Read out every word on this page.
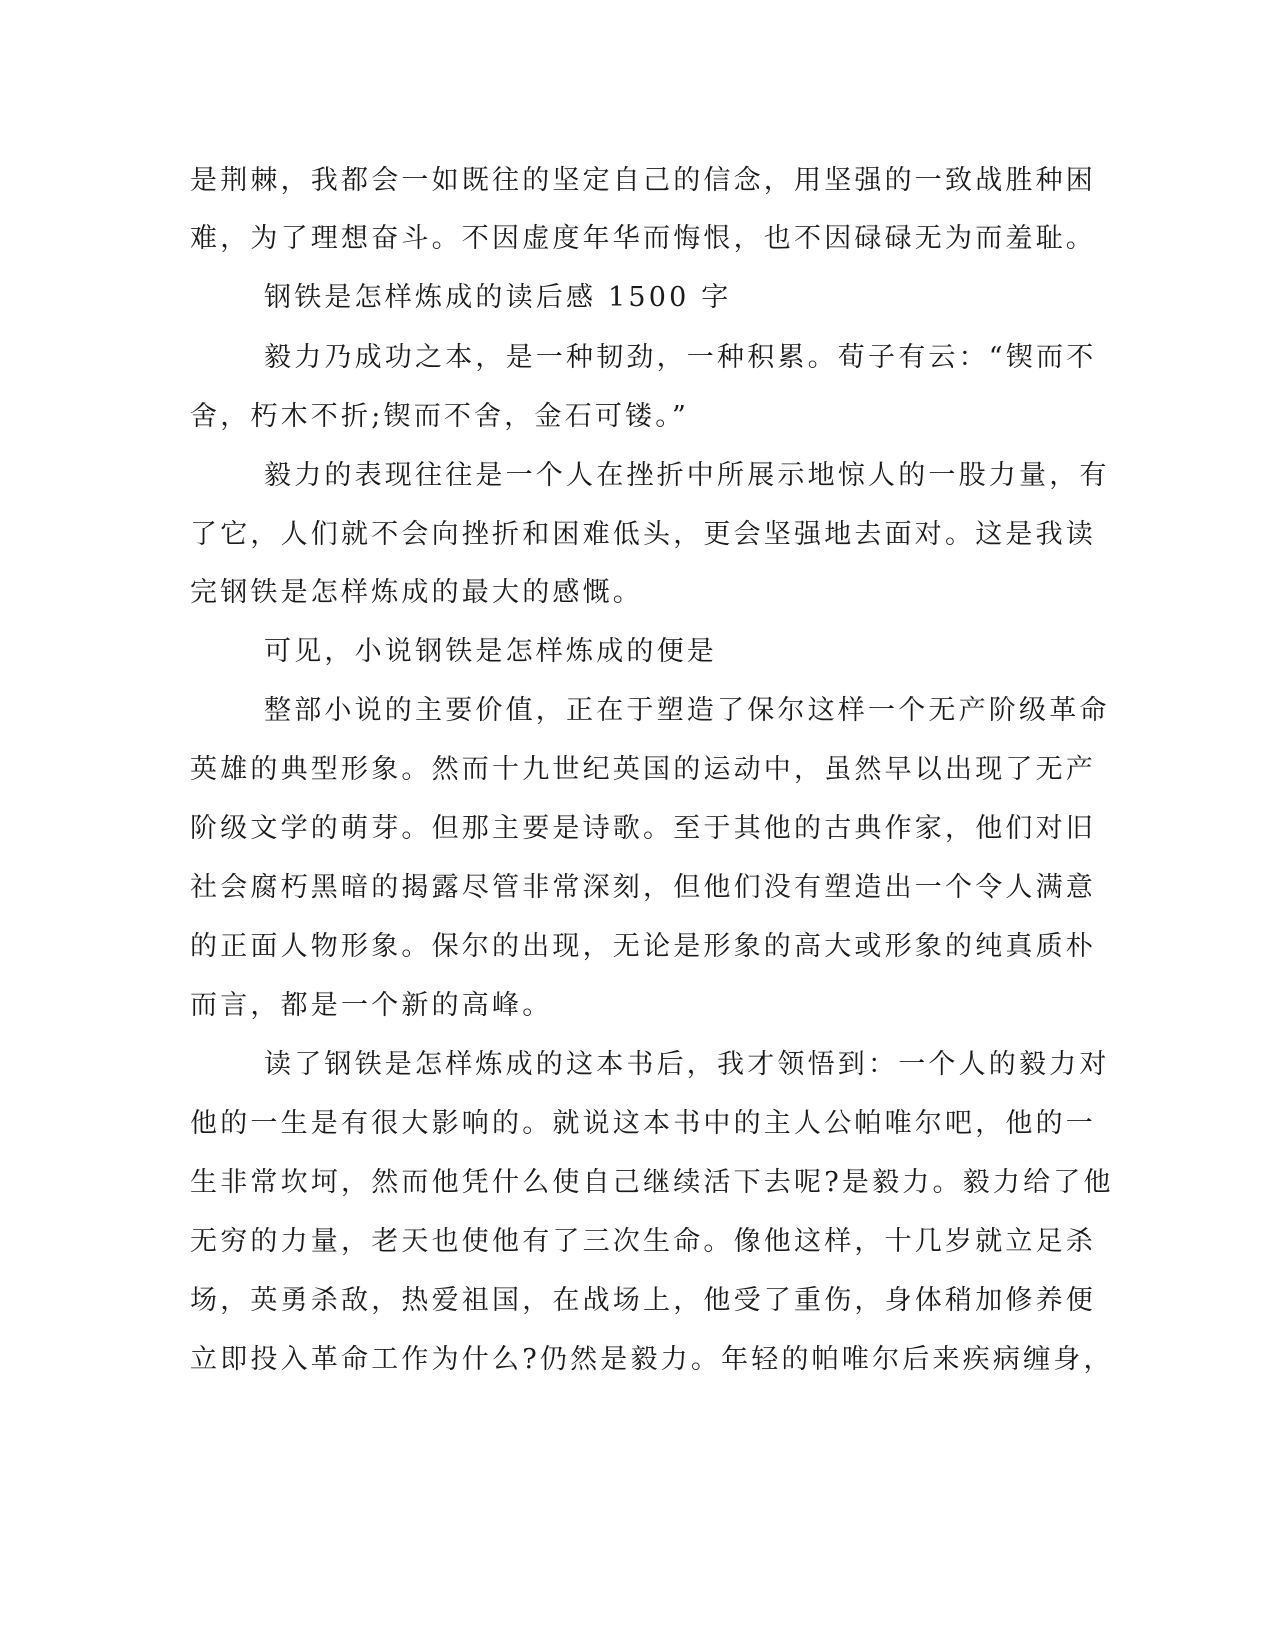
是荆棘，我都会一如既往的坚定自己的信念，用坚强的一致战胜种困

难，为了理想奋斗。不因虚度年华而悔恨，也不因碌碌无为而羞耻。

钢铁是怎样炼成的读后感 1500 字

毅力乃成功之本，是一种韧劲，一种积累。荀子有云：“锲而不

舍，朽木不折;锲而不舍，金石可镂。”

毅力的表现往往是一个人在挫折中所展示地惊人的一股力量，有

了它，人们就不会向挫折和困难低头，更会坚强地去面对。这是我读

完钢铁是怎样炼成的最大的感慨。

可见，小说钢铁是怎样炼成的便是

整部小说的主要价值，正在于塑造了保尔这样一个无产阶级革命

英雄的典型形象。然而十九世纪英国的运动中，虽然早以出现了无产

阶级文学的萌芽。但那主要是诗歌。至于其他的古典作家，他们对旧

社会腐朽黑暗的揭露尽管非常深刻，但他们没有塑造出一个令人满意

的正面人物形象。保尔的出现，无论是形象的高大或形象的纯真质朴

而言，都是一个新的高峰。

读了钢铁是怎样炼成的这本书后，我才领悟到：一个人的毅力对

他的一生是有很大影响的。就说这本书中的主人公帕唯尔吧，他的一

生非常坎坷，然而他凭什么使自己继续活下去呢?是毅力。毅力给了他

无穷的力量，老天也使他有了三次生命。像他这样，十几岁就立足杀

场，英勇杀敌，热爱祖国，在战场上，他受了重伤，身体稍加修养便

立即投入革命工作为什么?仍然是毅力。年轻的帕唯尔后来疾病缠身，
